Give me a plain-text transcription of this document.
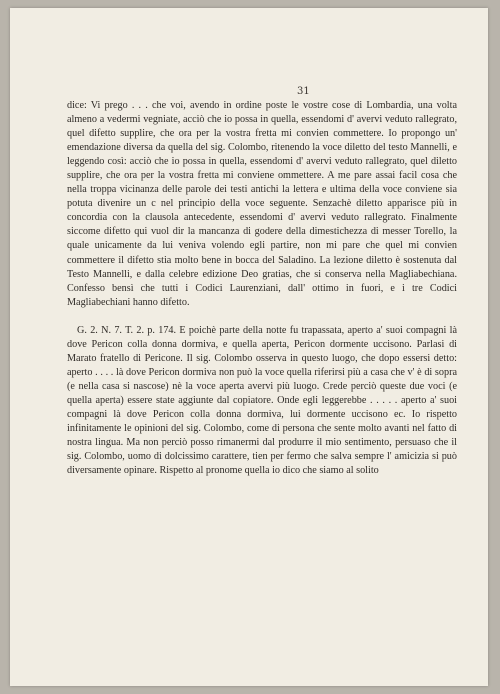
31

dice: Vi prego . . . che voi, avendo in ordine poste le vostre cose di Lombardia, una volta almeno a vedermi vegniate, acciò che io possa in quella, essendomi d' avervi veduto rallegrato, quel difetto supplire, che ora per la vostra fretta mi convien commettere. Io propongo un' emendazione diversa da quella del sig. Colombo, ritenendo la voce diletto del testo Mannelli, e leggendo così: acciò che io possa in quella, essendomi d' avervi veduto rallegrato, quel diletto supplire, che ora per la vostra fretta mi conviene ommettere. A me pare assai facil cosa che nella troppa vicinanza delle parole dei testi antichi la lettera e ultima della voce conviene sia potuta divenire un c nel principio della voce seguente. Senzachè diletto apparisce più in concordia con la clausola antecedente, essendomi d' avervi veduto rallegrato. Finalmente siccome difetto qui vuol dir la mancanza di godere della dimestichezza di messer Torello, la quale unicamente da lui veniva volendo egli partire, non mi pare che quel mi convien commettere il difetto stia molto bene in bocca del Saladino. La lezione diletto è sostenuta dal Testo Mannelli, e dalla celebre edizione Deo gratias, che si conserva nella Magliabechiana. Confesso bensì che tutti i Codici Laurenziani, dall' ottimo in fuori, e i tre Codici Magliabechiani hanno difetto.

G. 2. N. 7. T. 2. p. 174. E poichè parte della notte fu trapassata, aperto a' suoi compagni là dove Pericon colla donna dormiva, e quella aperta, Pericon dormente uccisono. Parlasi di Marato fratello di Pericone. Il sig. Colombo osserva in questo luogo, che dopo essersi detto: aperto . . . . là dove Pericon dormiva non può la voce quella riferirsi più a casa che v' è di sopra (e nella casa si nascose) nè la voce aperta avervi più luogo. Crede perciò queste due voci (e quella aperta) essere state aggiunte dal copiatore. Onde egli leggerebbe . . . . . aperto a' suoi compagni là dove Pericon colla donna dormiva, lui dormente uccisono ec. Io rispetto infinitamente le opinioni del sig. Colombo, come di persona che sente molto avanti nel fatto di nostra lingua. Ma non perciò posso rimanermi dal produrre il mio sentimento, persuaso che il sig. Colombo, uomo di dolcissimo carattere, tien per fermo che salva sempre l' amicizia si può diversamente opinare. Rispetto al pronome quella io dico che siamo al solito
